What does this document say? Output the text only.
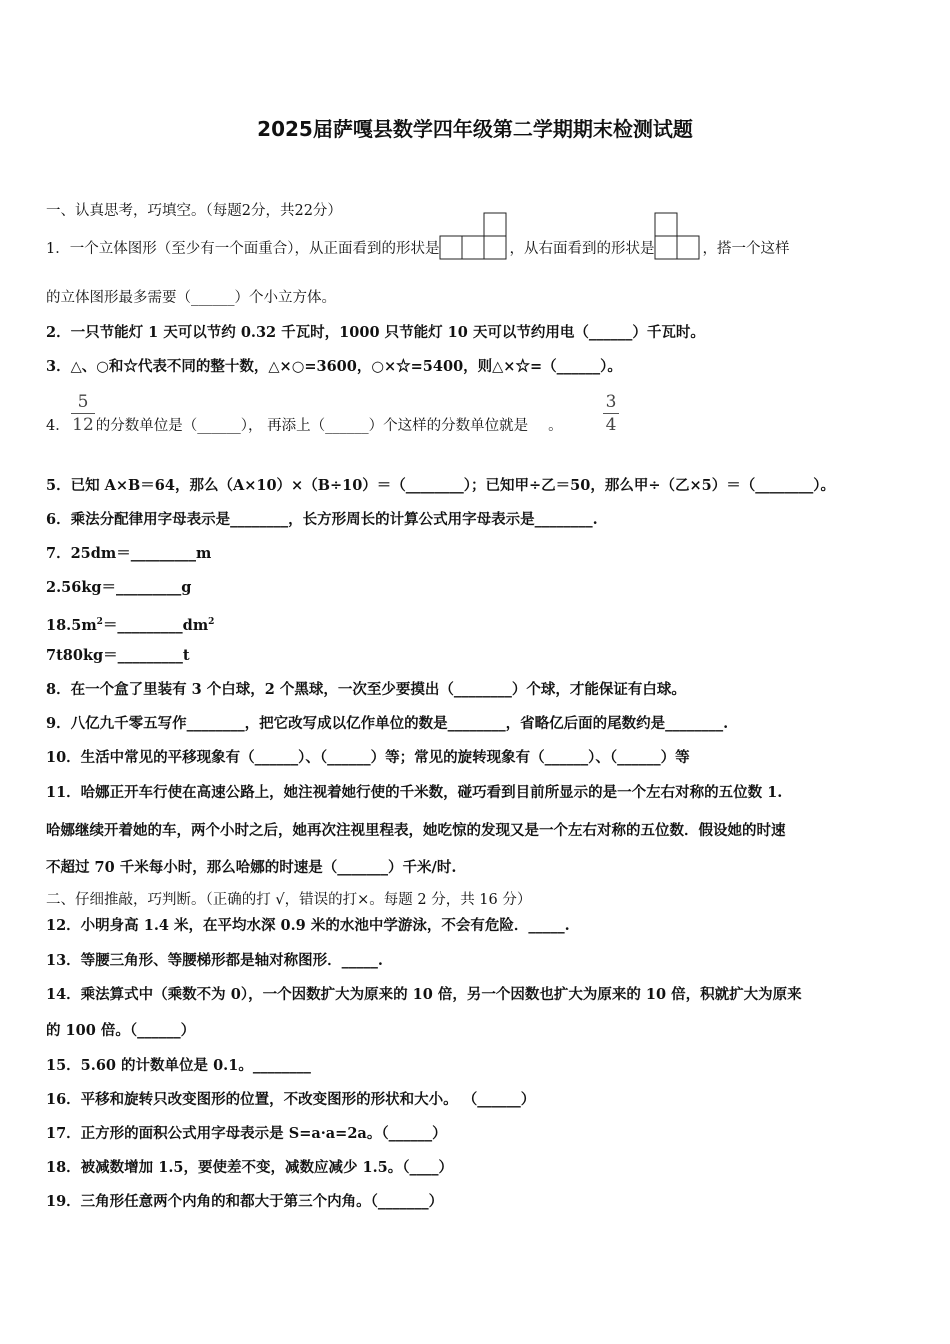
2025届萨嘎县数学四年级第二学期期末检测试题
一、认真思考，巧填空。（每题2分，共22分）
1．一个立体图形（至少有一个面重合），从正面看到的形状是	，从右面看到的形状是	，搭一个这样
的立体图形最多需要（______）个小立方体。
2．一只节能灯 1 天可以节约 0.32 千瓦时，1000 只节能灯 10 天可以节约用电（______）千瓦时。
3．△、○和☆代表不同的整十数，△×○=3600，○×☆=5400，则△×☆=（______）。
4． 的分数单位是（______）， 再添上（______）个这样的分数单位就是 。
5
12
3
4
5．已知 A×B＝64，那么（A×10）×（B÷10）＝（________）；已知甲÷乙＝50，那么甲÷（乙×5）＝（________）。
6．乘法分配律用字母表示是________，长方形周长的计算公式用字母表示是________.
7．25dm＝_________m
2.56kg＝_________g
$18.5m^2=\_\_\_\_\_\_\_\_\_dm^2$
7t80kg＝_________t
8．在一个盒了里装有 3 个白球，2 个黑球，一次至少要摸出（________）个球，才能保证有白球。
9．八亿九千零五写作________，把它改写成以亿作单位的数是________，省略亿后面的尾数约是________.
10．生活中常见的平移现象有（______）、（______）等；常见的旋转现象有（______）、（______）等
11．哈娜正开车行使在高速公路上，她注视着她行使的千米数，碰巧看到目前所显示的是一个左右对称的五位数 1.
哈娜继续开着她的车，两个小时之后，她再次注视里程表，她吃惊的发现又是一个左右对称的五位数．假设她的时速
不超过 70 千米每小时，那么哈娜的时速是（_______）千米/时.
二、仔细推敲，巧判断。（正确的打 √，错误的打×。每题 2 分，共 16 分）
12．小明身高 1.4 米，在平均水深 0.9 米的水池中学游泳，不会有危险．_____.
13．等腰三角形、等腰梯形都是轴对称图形．_____.
14．乘法算式中（乘数不为 0），一个因数扩大为原来的 10 倍，另一个因数也扩大为原来的 10 倍，积就扩大为原来
的 100 倍。（______）
15．5.60 的计数单位是 0.1。________
16．平移和旋转只改变图形的位置，不改变图形的形状和大小。 （______）
17．正方形的面积公式用字母表示是 S=a·a=2a。（______）
18．被减数增加 1.5，要使差不变，减数应减少 1.5。（____）
19．三角形任意两个内角的和都大于第三个内角。（_______）
